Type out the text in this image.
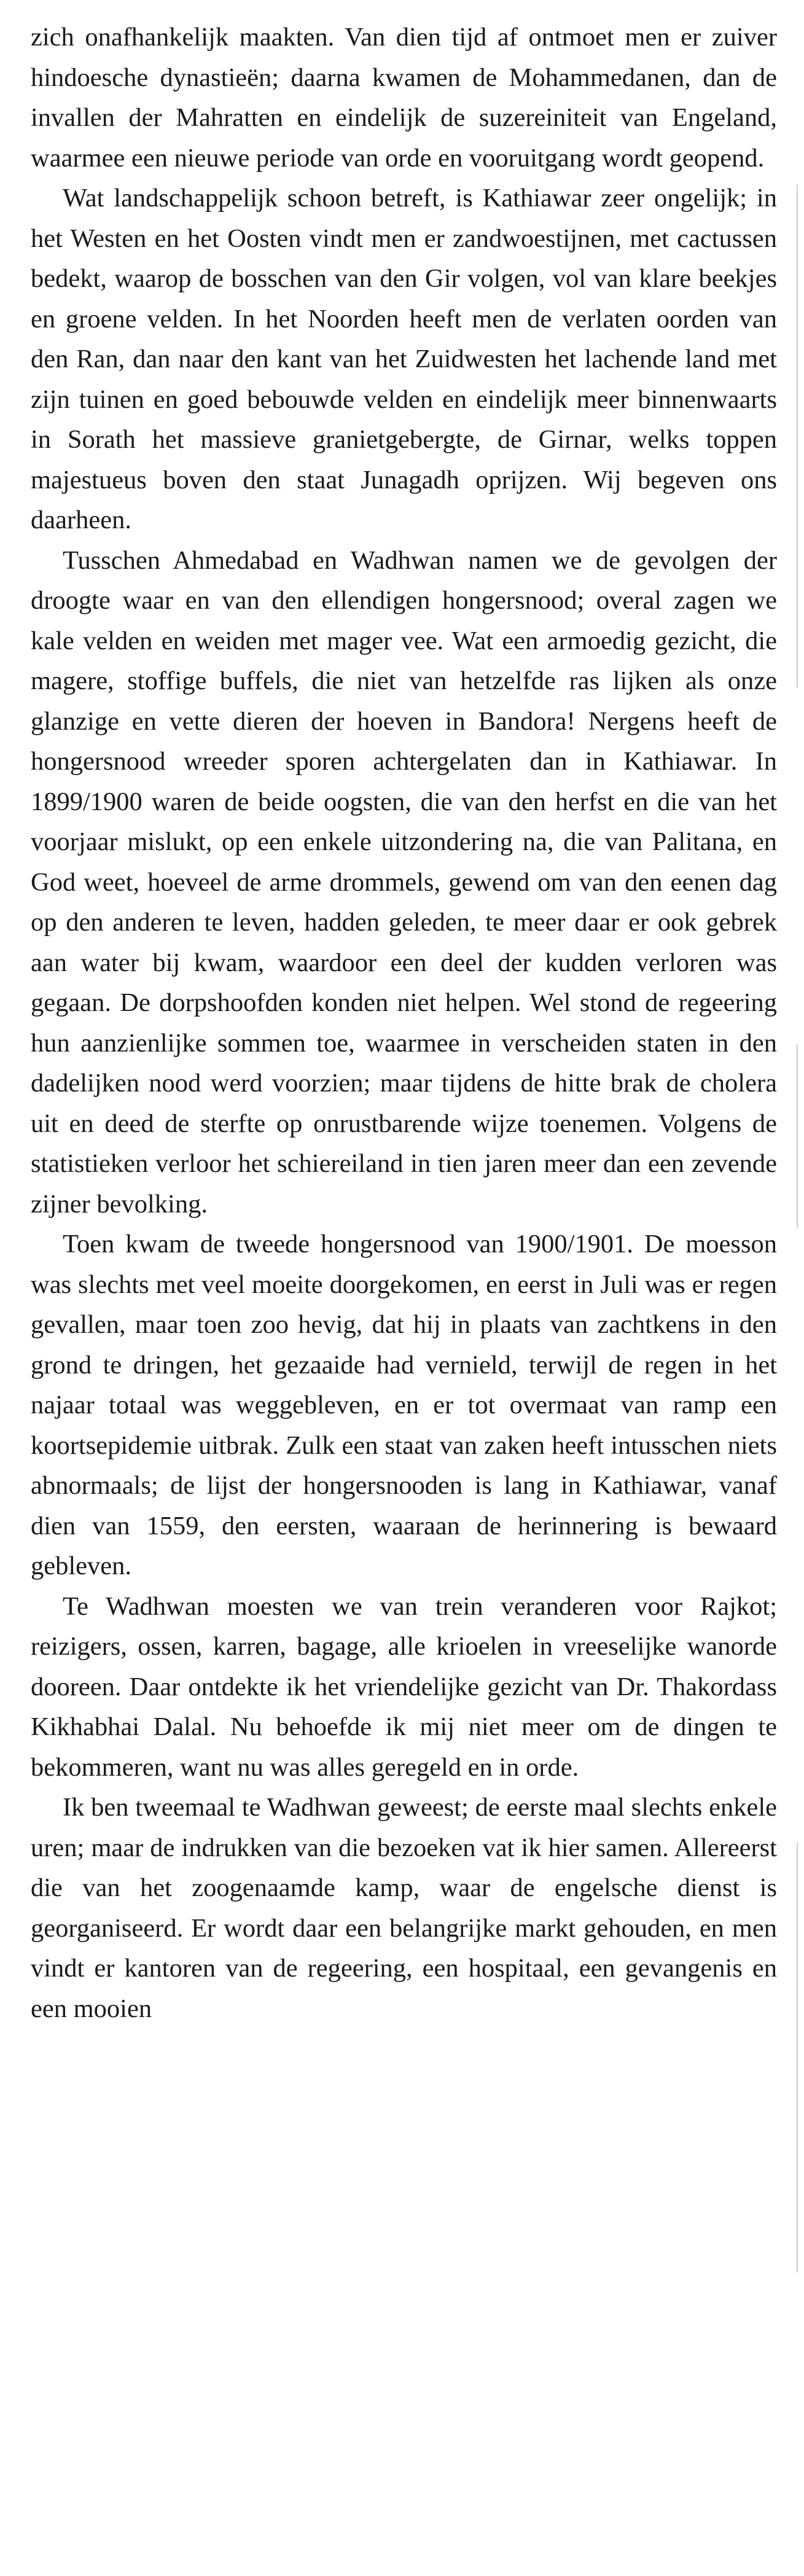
zich onafhankelijk maakten. Van dien tijd af ontmoet men er zuiver hindoesche dynastieën; daarna kwamen de Mohammedanen, dan de invallen der Mahratten en eindelijk de suzereiniteit van Engeland, waarmee een nieuwe periode van orde en vooruitgang wordt geopend.

Wat landschappelijk schoon betreft, is Kathiawar zeer ongelijk; in het Westen en het Oosten vindt men er zandwoestijnen, met cactussen bedekt, waarop de bosschen van den Gir volgen, vol van klare beekjes en groene velden. In het Noorden heeft men de verlaten oorden van den Ran, dan naar den kant van het Zuidwesten het lachende land met zijn tuinen en goed bebouwde velden en eindelijk meer binnenwaarts in Sorath het massieve granietgebergte, de Girnar, welks toppen majestueus boven den staat Junagadh oprijzen. Wij begeven ons daarheen.

Tusschen Ahmedabad en Wadhwan namen we de gevolgen der droogte waar en van den ellendigen hongersnood; overal zagen we kale velden en weiden met mager vee. Wat een armoedig gezicht, die magere, stoffige buffels, die niet van hetzelfde ras lijken als onze glanzige en vette dieren der hoeven in Bandora! Nergens heeft de hongersnood wreeder sporen achtergelaten dan in Kathiawar. In 1899/1900 waren de beide oogsten, die van den herfst en die van het voorjaar mislukt, op een enkele uitzondering na, die van Palitana, en God weet, hoeveel de arme drommels, gewend om van den eenen dag op den anderen te leven, hadden geleden, te meer daar er ook gebrek aan water bij kwam, waardoor een deel der kudden verloren was gegaan. De dorpshoofden konden niet helpen. Wel stond de regeering hun aanzienlijke sommen toe, waarmee in verscheiden staten in den dadelijken nood werd voorzien; maar tijdens de hitte brak de cholera uit en deed de sterfte op onrustbarende wijze toenemen. Volgens de statistieken verloor het schiereiland in tien jaren meer dan een zevende zijner bevolking.

Toen kwam de tweede hongersnood van 1900/1901. De moesson was slechts met veel moeite doorgekomen, en eerst in Juli was er regen gevallen, maar toen zoo hevig, dat hij in plaats van zachtkens in den grond te dringen, het gezaaide had vernield, terwijl de regen in het najaar totaal was weggebleven, en er tot overmaat van ramp een koortsepidemie uitbrak. Zulk een staat van zaken heeft intusschen niets abnormaals; de lijst der hongersnooden is lang in Kathiawar, vanaf dien van 1559, den eersten, waaraan de herinnering is bewaard gebleven.

Te Wadhwan moesten we van trein veranderen voor Rajkot; reizigers, ossen, karren, bagage, alle krioelen in vreeselijke wanorde dooreen. Daar ontdekte ik het vriendelijke gezicht van Dr. Thakordass Kikhabhai Dalal. Nu behoefde ik mij niet meer om de dingen te bekommeren, want nu was alles geregeld en in orde.

Ik ben tweemaal te Wadhwan geweest; de eerste maal slechts enkele uren; maar de indrukken van die bezoeken vat ik hier samen. Allereerst die van het zoogenaamde kamp, waar de engelsche dienst is georganiseerd. Er wordt daar een belangrijke markt gehouden, en men vindt er kantoren van de regeering, een hospitaal, een gevangenis en een mooien
